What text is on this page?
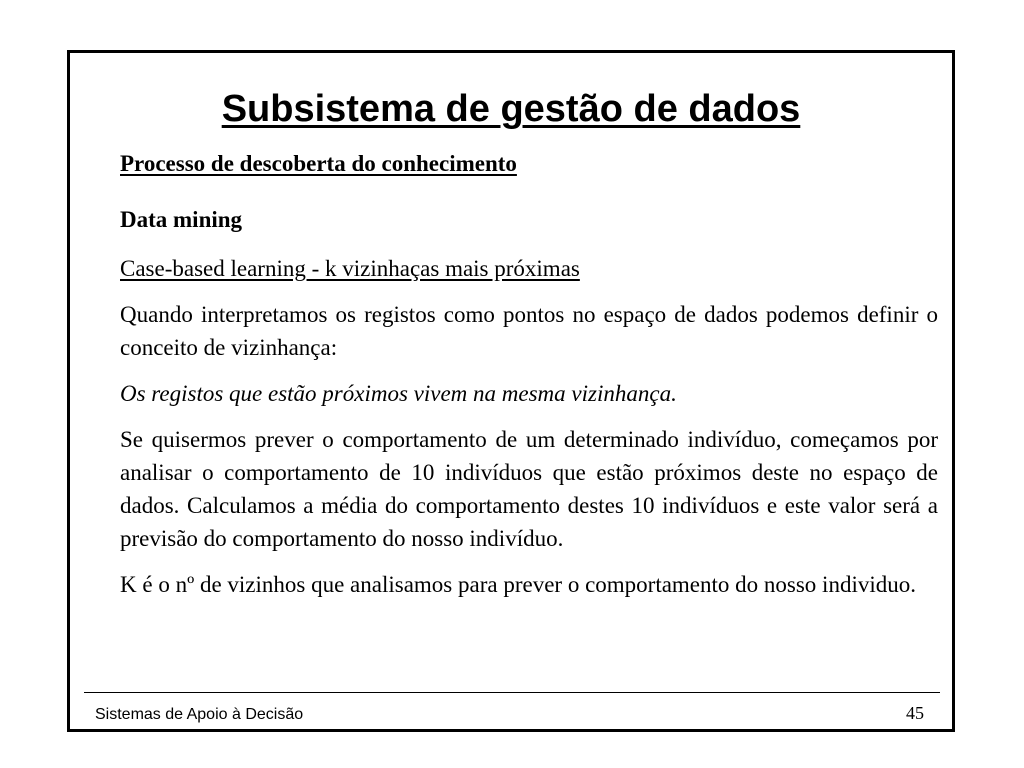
Subsistema de gestão de dados

Processo de descoberta do conhecimento

Data mining

Case-based learning - k vizinhaças mais próximas

Quando interpretamos os registos como pontos no espaço de dados podemos definir o conceito de vizinhança:

Os registos que estão próximos vivem na mesma vizinhança.

Se quisermos prever o comportamento de um determinado indivíduo, começamos por analisar o comportamento de 10 indivíduos que estão próximos deste no espaço de dados. Calculamos a média do comportamento destes 10 indivíduos e este valor será a previsão do comportamento do nosso indivíduo.

K é o nº de vizinhos que analisamos para prever o comportamento do nosso individuo.

Sistemas de Apoio à Decisão	45
